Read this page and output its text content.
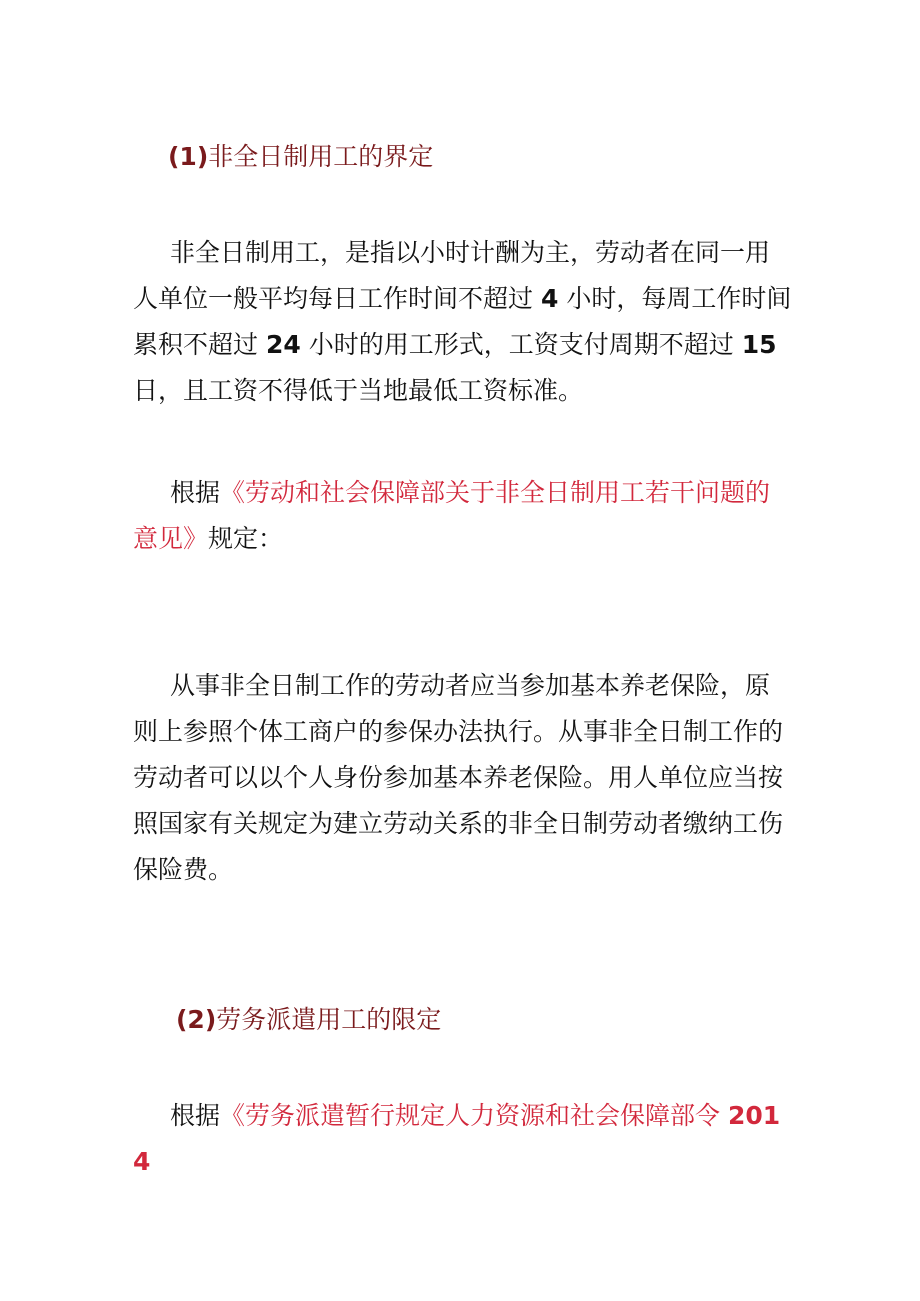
(1)非全日制用工的界定

非全日制用工，是指以小时计酬为主，劳动者在同一用人单位一般平均每日工作时间不超过 4 小时，每周工作时间累积不超过 24 小时的用工形式，工资支付周期不超过 15 日，且工资不得低于当地最低工资标准。

根据《劳动和社会保障部关于非全日制用工若干问题的意见》规定：

从事非全日制工作的劳动者应当参加基本养老保险，原则上参照个体工商户的参保办法执行。从事非全日制工作的劳动者可以以个人身份参加基本养老保险。用人单位应当按照国家有关规定为建立劳动关系的非全日制劳动者缴纳工伤保险费。

(2)劳务派遣用工的限定

根据《劳务派遣暂行规定人力资源和社会保障部令 2014
